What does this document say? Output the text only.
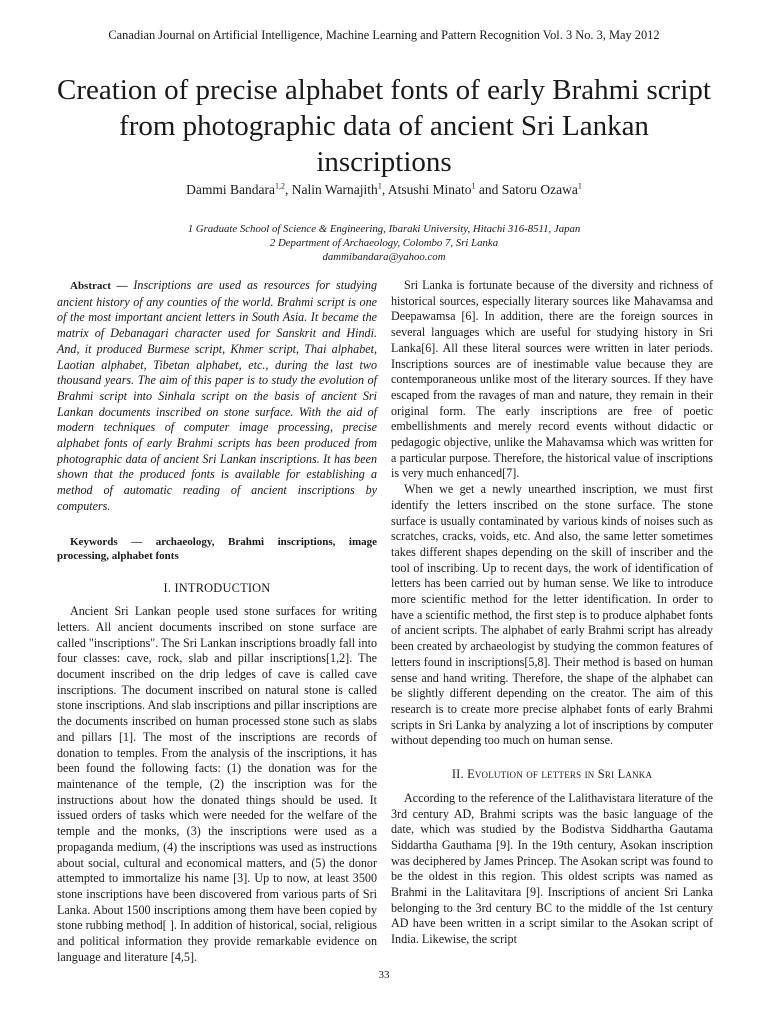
Canadian Journal on Artificial Intelligence, Machine Learning and Pattern Recognition Vol. 3 No. 3, May 2012
Creation of precise alphabet fonts of early Brahmi script from photographic data of ancient Sri Lankan inscriptions
Dammi Bandara$^{1,2}$, Nalin Warnajith$^1$, Atsushi Minato$^1$ and Satoru Ozawa$^1$
1 Graduate School of Science & Engineering, Ibaraki University, Hitachi 316-8511, Japan
2 Department of Archaeology, Colombo 7, Sri Lanka
dammibandara@yahoo.com

Abstract — Inscriptions are used as resources for studying ancient history of any counties of the world. Brahmi script is one of the most important ancient letters in South Asia. It became the matrix of Debanagari character used for Sanskrit and Hindi. And, it produced Burmese script, Khmer script, Thai alphabet, Laotian alphabet, Tibetan alphabet, etc., during the last two thousand years. The aim of this paper is to study the evolution of Brahmi script into Sinhala script on the basis of ancient Sri Lankan documents inscribed on stone surface. With the aid of modern techniques of computer image processing, precise alphabet fonts of early Brahmi scripts has been produced from photographic data of ancient Sri Lankan inscriptions. It has been shown that the produced fonts is available for establishing a method of automatic reading of ancient inscriptions by computers.

Keywords — archaeology, Brahmi inscriptions, image processing, alphabet fonts

I. INTRODUCTION

Ancient Sri Lankan people used stone surfaces for writing letters. All ancient documents inscribed on stone surface are called "inscriptions". The Sri Lankan inscriptions broadly fall into four classes: cave, rock, slab and pillar inscriptions[1,2]. The document inscribed on the drip ledges of cave is called cave inscriptions. The document inscribed on natural stone is called stone inscriptions. And slab inscriptions and pillar inscriptions are the documents inscribed on human processed stone such as slabs and pillars [1]. The most of the inscriptions are records of donation to temples. From the analysis of the inscriptions, it has been found the following facts: (1) the donation was for the maintenance of the temple, (2) the inscription was for the instructions about how the donated things should be used. It issued orders of tasks which were needed for the welfare of the temple and the monks, (3) the inscriptions were used as a propaganda medium, (4) the inscriptions was used as instructions about social, cultural and economical matters, and (5) the donor attempted to immortalize his name [3]. Up to now, at least 3500 stone inscriptions have been discovered from various parts of Sri Lanka. About 1500 inscriptions among them have been copied by stone rubbing method[ ]. In addition of historical, social, religious and political information they provide remarkable evidence on language and literature [4,5].

Sri Lanka is fortunate because of the diversity and richness of historical sources, especially literary sources like Mahavamsa and Deepawamsa [6]. In addition, there are the foreign sources in several languages which are useful for studying history in Sri Lanka[6]. All these literal sources were written in later periods. Inscriptions sources are of inestimable value because they are contemporaneous unlike most of the literary sources. If they have escaped from the ravages of man and nature, they remain in their original form. The early inscriptions are free of poetic embellishments and merely record events without didactic or pedagogic objective, unlike the Mahavamsa which was written for a particular purpose. Therefore, the historical value of inscriptions is very much enhanced[7].

When we get a newly unearthed inscription, we must first identify the letters inscribed on the stone surface. The stone surface is usually contaminated by various kinds of noises such as scratches, cracks, voids, etc. And also, the same letter sometimes takes different shapes depending on the skill of inscriber and the tool of inscribing. Up to recent days, the work of identification of letters has been carried out by human sense. We like to introduce more scientific method for the letter identification. In order to have a scientific method, the first step is to produce alphabet fonts of ancient scripts. The alphabet of early Brahmi script has already been created by archaeologist by studying the common features of letters found in inscriptions[5,8]. Their method is based on human sense and hand writing. Therefore, the shape of the alphabet can be slightly different depending on the creator. The aim of this research is to create more precise alphabet fonts of early Brahmi scripts in Sri Lanka by analyzing a lot of inscriptions by computer without depending too much on human sense.

II. Evolution of letters in Sri Lanka

According to the reference of the Lalithavistara literature of the 3rd century AD, Brahmi scripts was the basic language of the date, which was studied by the Bodistva Siddhartha Gautama Siddartha Gauthama [9]. In the 19th century, Asokan inscription was deciphered by James Princep. The Asokan script was found to be the oldest in this region. This oldest scripts was named as Brahmi in the Lalitavitara [9]. Inscriptions of ancient Sri Lanka belonging to the 3rd century BC to the middle of the 1st century AD have been written in a script similar to the Asokan script of India. Likewise, the script

33
